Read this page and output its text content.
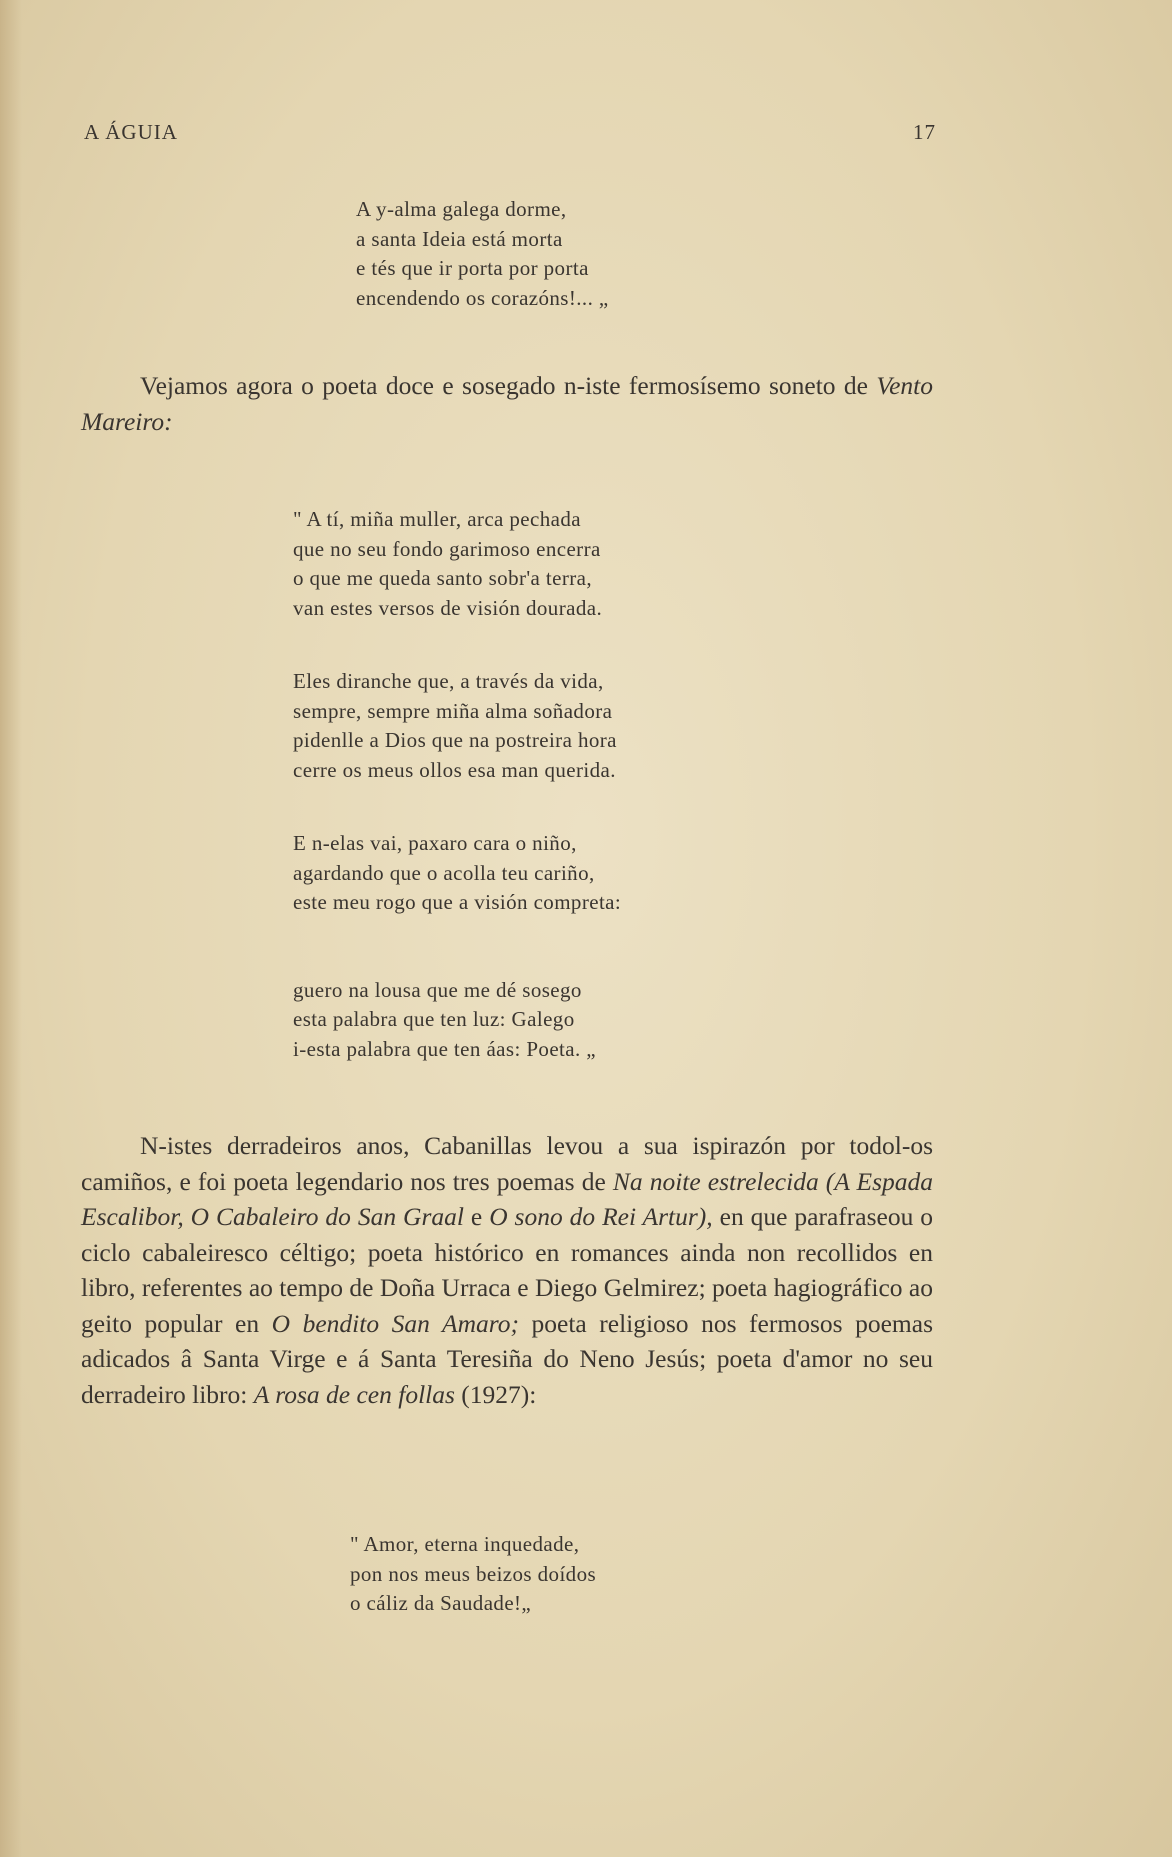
A ÁGUIA	17
A y-alma galega dorme,
a santa Ideia está morta
e tés que ir porta por porta
encendendo os corazóns!... „

Vejamos agora o poeta doce e sosegado n-iste fermosísemo soneto de Vento Mareiro:

" A tí, miña muller, arca pechada
que no seu fondo garimoso encerra
o que me queda santo sobr'a terra,
van estes versos de visión dourada.
Eles diranche que, a través da vida,
sempre, sempre miña alma soñadora
pidenlle a Dios que na postreira hora
cerre os meus ollos esa man querida.
E n-elas vai, paxaro cara o niño,
agardando que o acolla teu cariño,
este meu rogo que a visión compreta:
guero na lousa que me dé sosego
esta palabra que ten luz: Galego
i-esta palabra que ten áas: Poeta. „

N-istes derradeiros anos, Cabanillas levou a sua ispirazón por todol-os camiños, e foi poeta legendario nos tres poemas de Na noite estrelecida (A Espada Escalibor, O Cabaleiro do San Graal e O sono do Rei Artur), en que parafraseou o ciclo cabaleiresco céltigo; poeta histórico en romances ainda non recollidos en libro, referentes ao tempo de Doña Urraca e Diego Gelmirez; poeta hagiográfico ao geito popular en O bendito San Amaro; poeta religioso nos fermosos poemas adicados â Santa Virge e á Santa Teresiña do Neno Jesús; poeta d'amor no seu derradeiro libro: A rosa de cen follas (1927):

" Amor, eterna inquedade,
pon nos meus beizos doídos
o cáliz da Saudade!„
